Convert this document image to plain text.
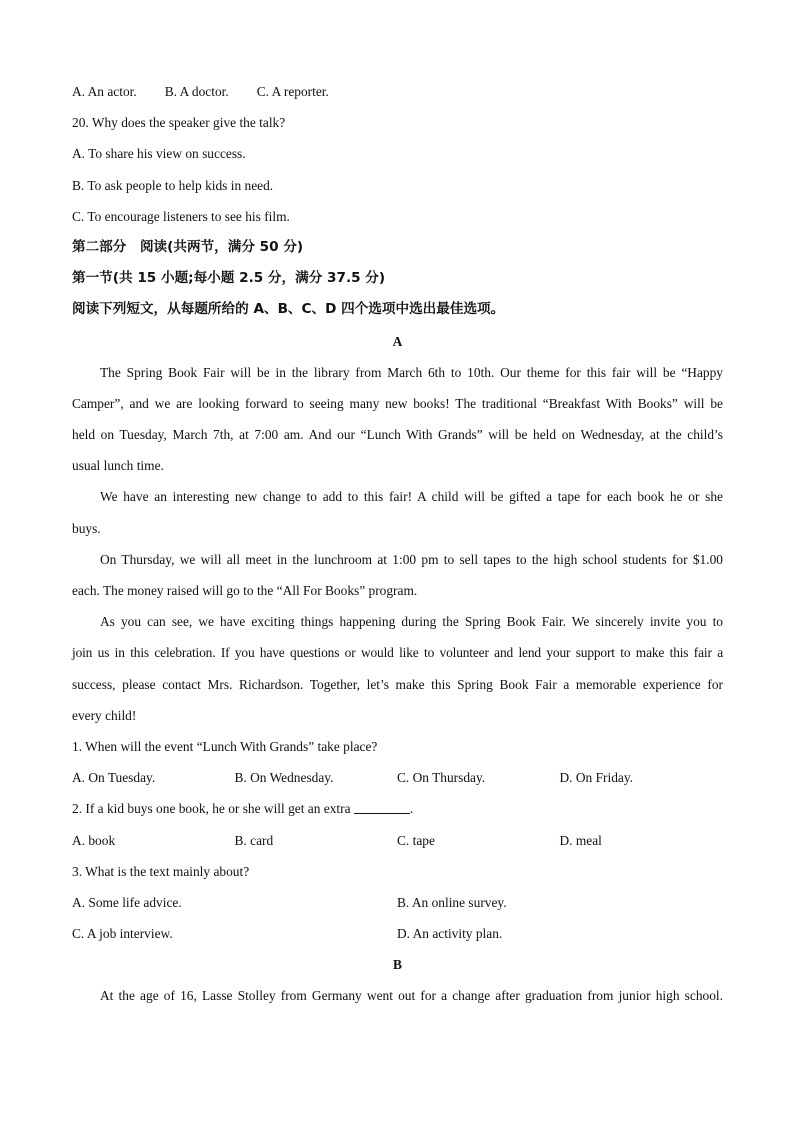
A. An actor. B. A doctor. C. A reporter.
20. Why does the speaker give the talk?
A. To share his view on success.
B. To ask people to help kids in need.
C. To encourage listeners to see his film.
第二部分　阅读(共两节，满分 50 分)
第一节(共 15 小题;每小题 2.5 分，满分 37.5 分)
阅读下列短文，从每题所给的 A、B、C、D 四个选项中选出最佳选项。
A
The Spring Book Fair will be in the library from March 6th to 10th. Our theme for this fair will be “Happy
Camper”, and we are looking forward to seeing many new books! The traditional “Breakfast With Books” will be
held on Tuesday, March 7th, at 7:00 am. And our “Lunch With Grands” will be held on Wednesday, at the child’s
usual lunch time.
We have an interesting new change to add to this fair! A child will be gifted a tape for each book he or she
buys.
On Thursday, we will all meet in the lunchroom at 1:00 pm to sell tapes to the high school students for $1.00
each. The money raised will go to the “All For Books” program.
As you can see, we have exciting things happening during the Spring Book Fair. We sincerely invite you to
join us in this celebration. If you have questions or would like to volunteer and lend your support to make this fair a
success, please contact Mrs. Richardson. Together, let’s make this Spring Book Fair a memorable experience for
every child!
1. When will the event “Lunch With Grands” take place?
A. On Tuesday.	B. On Wednesday.	C. On Thursday.	D. On Friday.
2. If a kid buys one book, he or she will get an extra	.
A. book	B. card	C. tape	D. meal
3. What is the text mainly about?
A. Some life advice.	B. An online survey.
C. A job interview.	D. An activity plan.
B
At the age of 16, Lasse Stolley from Germany went out for a change after graduation from junior high school.
